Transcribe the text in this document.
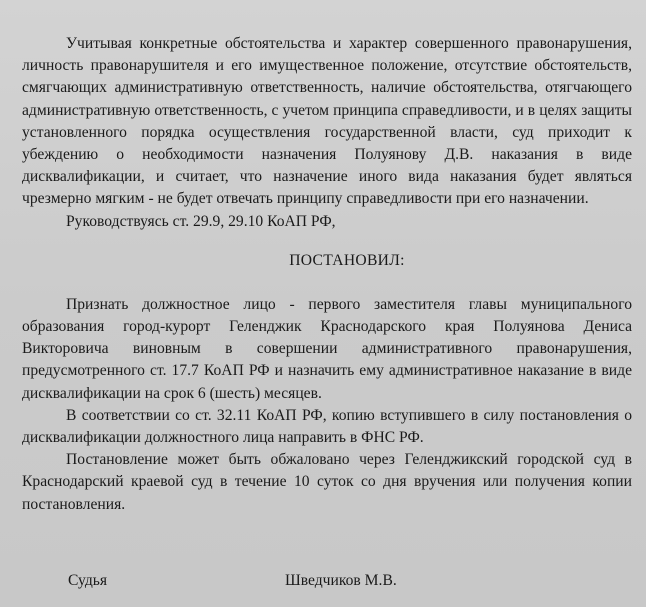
Учитывая конкретные обстоятельства и характер совершенного правонарушения, личность правонарушителя и его имущественное положение, отсутствие обстоятельств, смягчающих административную ответственность, наличие обстоятельства, отягчающего административную ответственность, с учетом принципа справедливости, и в целях защиты установленного порядка осуществления государственной власти, суд приходит к убеждению о необходимости назначения Полуянову Д.В. наказания в виде дисквалификации, и считает, что назначение иного вида наказания будет являться чрезмерно мягким - не будет отвечать принципу справедливости при его назначении.

Руководствуясь ст. 29.9, 29.10 КоАП РФ,

ПОСТАНОВИЛ:

Признать должностное лицо - первого заместителя главы муниципального образования город-курорт Геленджик Краснодарского края Полуянова Дениса Викторовича виновным в совершении административного правонарушения, предусмотренного ст. 17.7 КоАП РФ и назначить ему административное наказание в виде дисквалификации на срок 6 (шесть) месяцев.

В соответствии со ст. 32.11 КоАП РФ, копию вступившего в силу постановления о дисквалификации должностного лица направить в ФНС РФ.

Постановление может быть обжаловано через Геленджикский городской суд в Краснодарский краевой суд в течение 10 суток со дня вручения или получения копии постановления.

Судья	Шведчиков М.В.
